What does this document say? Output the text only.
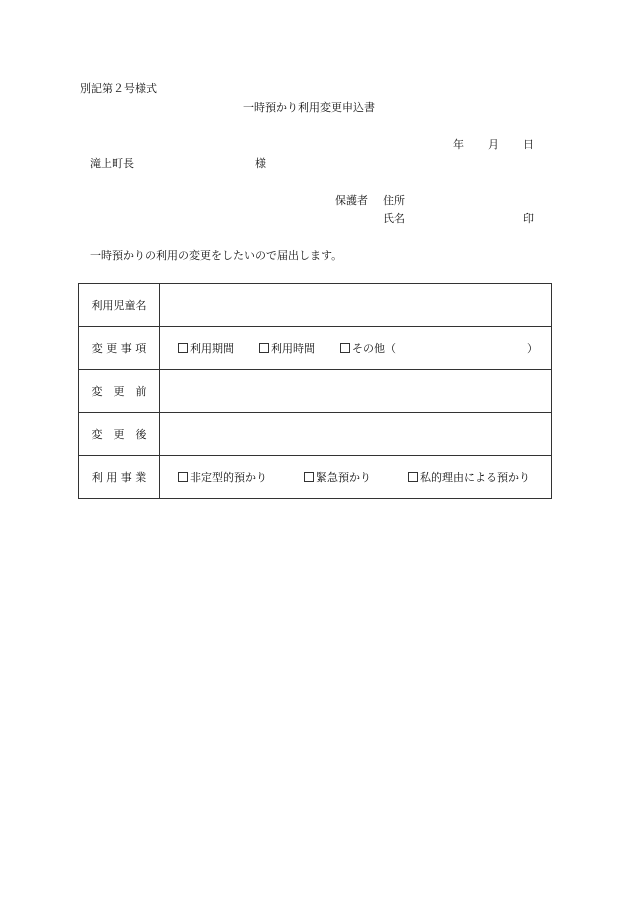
別記第２号様式
一時預かり利用変更申込書
年 月 日
滝上町長	様
保護者 住所
氏名	印
一時預かりの利用の変更をしたいので届出します。
利用児童名	
変 更 事 項	利用期間 利用時間 その他（ ）

変　更　前	
変　更　後	
利 用 事 業	非定型的預かり 緊急預かり 私的理由による預かり
